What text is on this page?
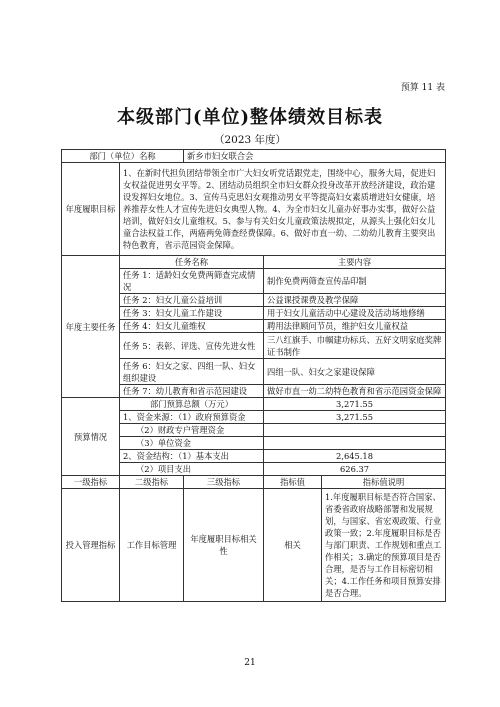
预算 11 表
本级部门(单位)整体绩效目标表
（2023 年度）
部门（单位）名称		新乡市妇女联合会		
年度履职目标	1、在新时代担负团结带领全市广大妇女听党话跟党走，围绕中心，服务大局，促进妇女权益促进男女平等。2、团结动员组织全市妇女群众投身改革开放经济建设，政治建设发挥妇女地位。3、宣传马克思妇女观推动男女平等提高妇女素质增进妇女健康，培养推荐女性人才宣传先进妇女典型人物。4、为全市妇女儿童办好事办实事，做好公益培训，做好妇女儿童维权。5、参与有关妇女儿童政策法规拟定，从源头上强化妇女儿童合法权益工作，两癌两免筛查经费保障。6、做好市直一幼、二幼幼儿教育主要突出特色教育，省示范园资金保障。			
年度主要任务	任务名称		主要内容	
	任务 1：适龄妇女免费两筛查完成情况		制作免费两筛查宣传品印制	
	任务 2：妇女儿童公益培训		公益课授课费及教学保障	
	任务 3：妇女儿童工作建设		用于妇女儿童活动中心建设及活动场地修缮	
	任务 4：妇女儿童维权		聘用法律顾问节员，维护妇女儿童权益	
	任务 5：表彰、评选、宣传先进女性		三八红旗手、巾帼建功标兵、五好文明家庭奖牌证书制作	
	任务 6：妇女之家、四组一队、妇女组织建设		四组一队、妇女之家建设保障	
	任务 7：幼儿教育和省示范园建设		做好市直一幼二幼特色教育和省示范园资金保障	
预算情况	部门预算总额（万元）		3,271.55	
	1、资金来源：（1）政府预算资金		3,271.55	
	（2）财政专户管理资金			
	（3）单位资金			
	2、资金结构：（1）基本支出		2,645.18	
	（2）项目支出		626.37	
一级指标	二级指标	三级指标	指标值	指标值说明
投入管理指标	工作目标管理	年度履职目标相关性	相关	1.年度履职目标是否符合国家、省委省政府战略部署和发展规划，与国家、省宏观政策、行业政策一致；2.年度履职目标是否与部门职责、工作规划和重点工作相关；3.确定的预算项目是否合理，是否与工作目标密切相关；4.工作任务和项目预算安排是否合理。
21
